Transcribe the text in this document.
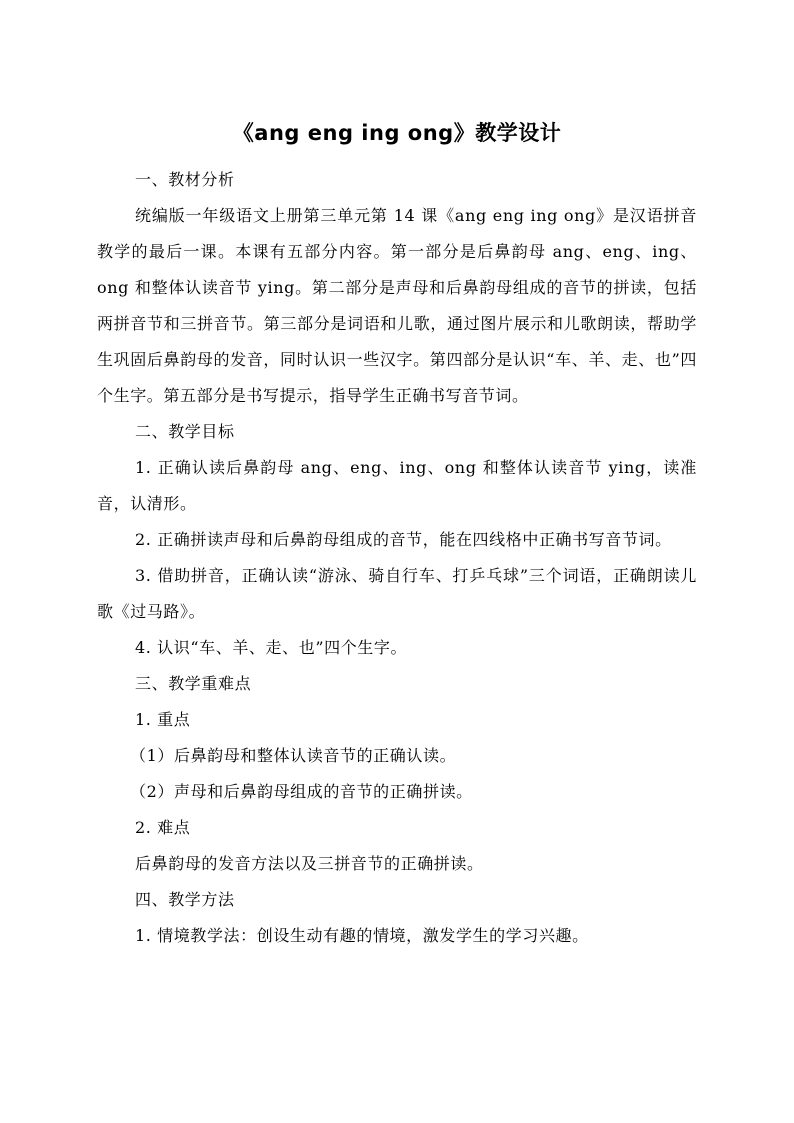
《ang eng ing ong》教学设计

一、教材分析

统编版一年级语文上册第三单元第 14 课《ang eng ing ong》是汉语拼音教学的最后一课。本课有五部分内容。第一部分是后鼻韵母 ang、eng、ing、ong 和整体认读音节 ying。第二部分是声母和后鼻韵母组成的音节的拼读，包括两拼音节和三拼音节。第三部分是词语和儿歌，通过图片展示和儿歌朗读，帮助学生巩固后鼻韵母的发音，同时认识一些汉字。第四部分是认识“车、羊、走、也”四个生字。第五部分是书写提示，指导学生正确书写音节词。

二、教学目标

1. 正确认读后鼻韵母 ang、eng、ing、ong 和整体认读音节 ying，读准音，认清形。

2. 正确拼读声母和后鼻韵母组成的音节，能在四线格中正确书写音节词。

3. 借助拼音，正确认读“游泳、骑自行车、打乒乓球”三个词语，正确朗读儿歌《过马路》。

4. 认识“车、羊、走、也”四个生字。

三、教学重难点

1. 重点

（1）后鼻韵母和整体认读音节的正确认读。

（2）声母和后鼻韵母组成的音节的正确拼读。

2. 难点

后鼻韵母的发音方法以及三拼音节的正确拼读。

四、教学方法

1. 情境教学法：创设生动有趣的情境，激发学生的学习兴趣。
